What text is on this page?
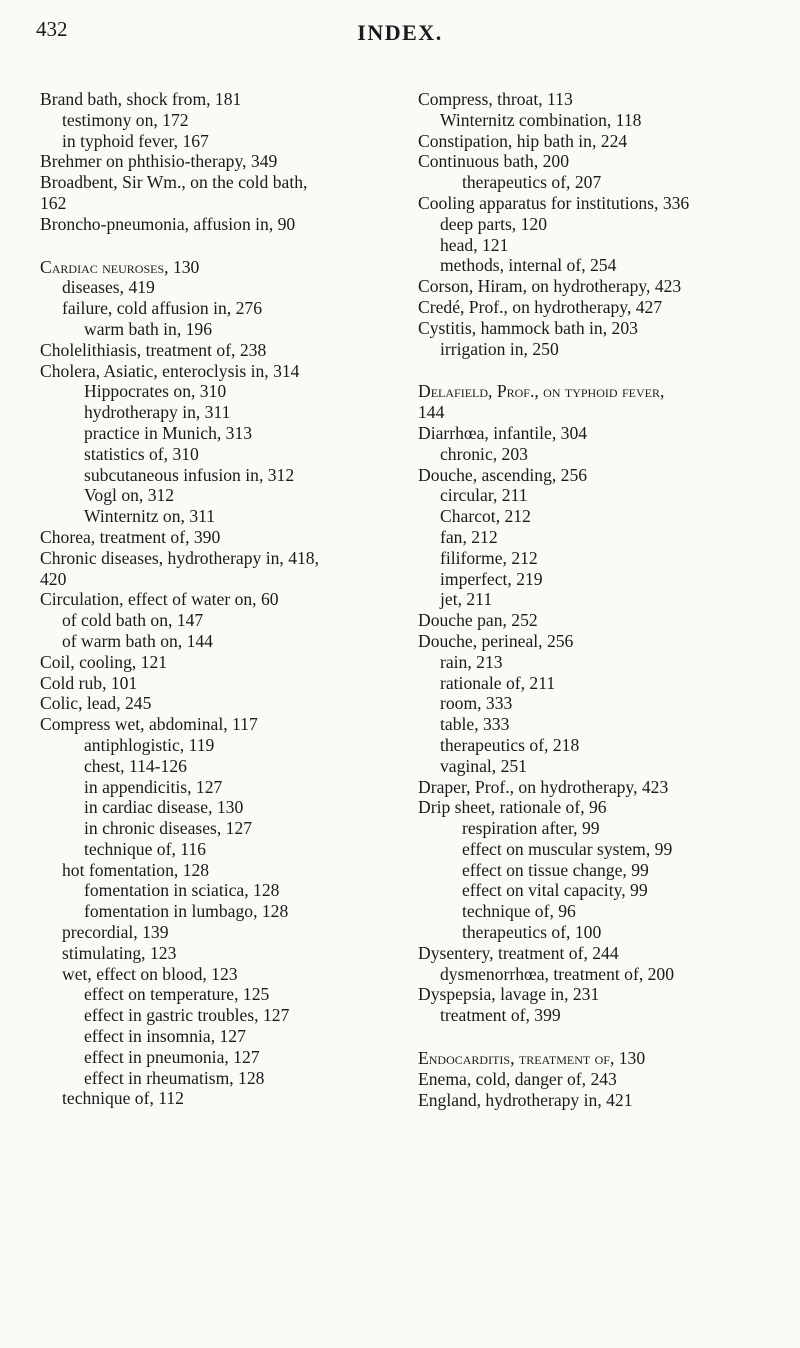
432	INDEX.
Brand bath, shock from, 181
testimony on, 172
in typhoid fever, 167
Brehmer on phthisio-therapy, 349
Broadbent, Sir Wm., on the cold bath,
162
Broncho-pneumonia, affusion in, 90
Cardiac neuroses, 130
diseases, 419
failure, cold affusion in, 276
warm bath in, 196
Cholelithiasis, treatment of, 238
Cholera, Asiatic, enteroclysis in, 314
Hippocrates on, 310
hydrotherapy in, 311
practice in Munich, 313
statistics of, 310
subcutaneous infusion in, 312
Vogl on, 312
Winternitz on, 311
Chorea, treatment of, 390
Chronic diseases, hydrotherapy in, 418,
420
Circulation, effect of water on, 60
of cold bath on, 147
of warm bath on, 144
Coil, cooling, 121
Cold rub, 101
Colic, lead, 245
Compress wet, abdominal, 117
antiphlogistic, 119
chest, 114-126
in appendicitis, 127
in cardiac disease, 130
in chronic diseases, 127
technique of, 116
hot fomentation, 128
fomentation in sciatica, 128
fomentation in lumbago, 128
precordial, 139
stimulating, 123
wet, effect on blood, 123
effect on temperature, 125
effect in gastric troubles, 127
effect in insomnia, 127
effect in pneumonia, 127
effect in rheumatism, 128
technique of, 112
Compress, throat, 113
Winternitz combination, 118
Constipation, hip bath in, 224
Continuous bath, 200
therapeutics of, 207
Cooling apparatus for institutions, 336
deep parts, 120
head, 121
methods, internal of, 254
Corson, Hiram, on hydrotherapy, 423
Credé, Prof., on hydrotherapy, 427
Cystitis, hammock bath in, 203
irrigation in, 250
Delafield, Prof., on typhoid fever,
144
Diarrhœa, infantile, 304
chronic, 203
Douche, ascending, 256
circular, 211
Charcot, 212
fan, 212
filiforme, 212
imperfect, 219
jet, 211
Douche pan, 252
Douche, perineal, 256
rain, 213
rationale of, 211
room, 333
table, 333
therapeutics of, 218
vaginal, 251
Draper, Prof., on hydrotherapy, 423
Drip sheet, rationale of, 96
respiration after, 99
effect on muscular system, 99
effect on tissue change, 99
effect on vital capacity, 99
technique of, 96
therapeutics of, 100
Dysentery, treatment of, 244
dysmenorrhœa, treatment of, 200
Dyspepsia, lavage in, 231
treatment of, 399
Endocarditis, treatment of, 130
Enema, cold, danger of, 243
England, hydrotherapy in, 421
